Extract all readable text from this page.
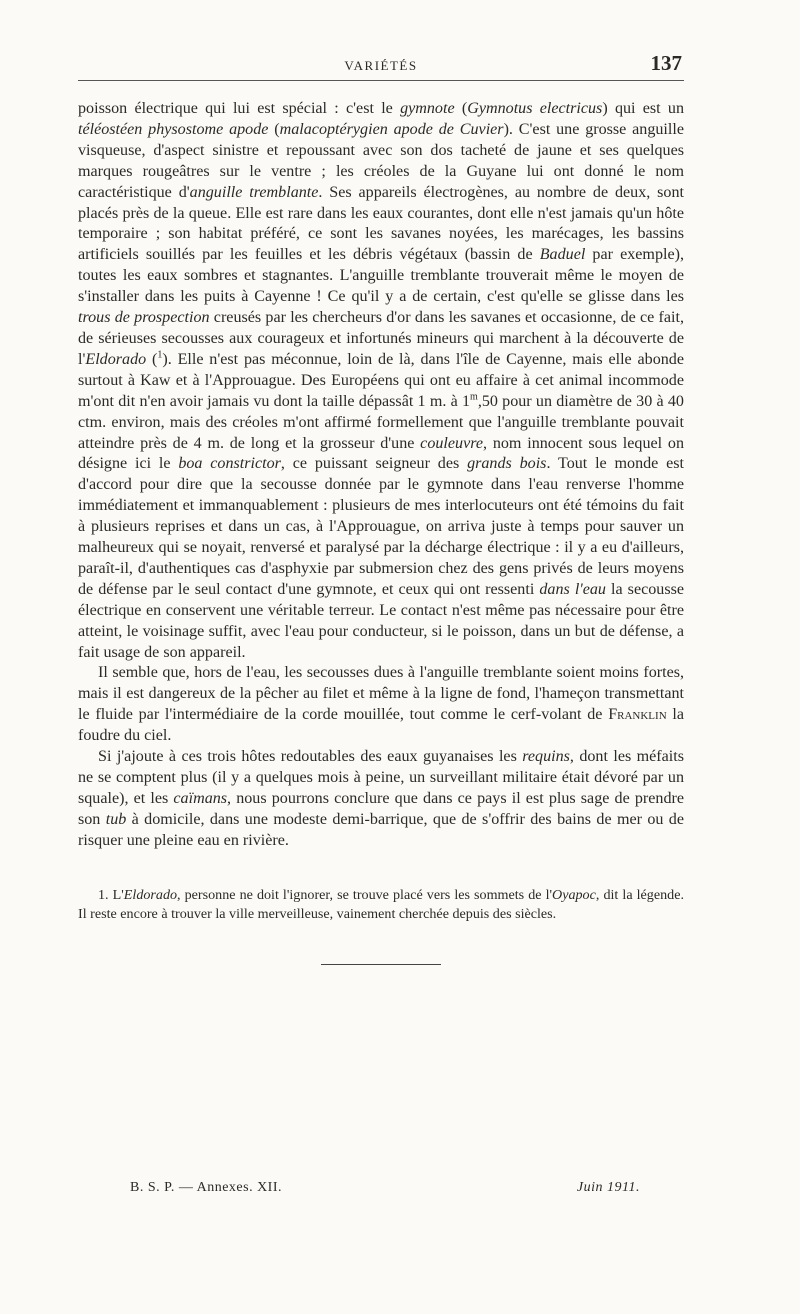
VARIÉTÉS	137

poisson électrique qui lui est spécial : c'est le gymnote (Gymnotus electricus) qui est un téléostéen physostome apode (malacoptérygien apode de Cuvier). C'est une grosse anguille visqueuse, d'aspect sinistre et repoussant avec son dos tacheté de jaune et ses quelques marques rougeâtres sur le ventre ; les créoles de la Guyane lui ont donné le nom caractéristique d'anguille tremblante. Ses appareils électrogènes, au nombre de deux, sont placés près de la queue. Elle est rare dans les eaux courantes, dont elle n'est jamais qu'un hôte temporaire ; son habitat préféré, ce sont les savanes noyées, les marécages, les bassins artificiels souillés par les feuilles et les débris végétaux (bassin de Baduel par exemple), toutes les eaux sombres et stagnantes. L'anguille tremblante trouverait même le moyen de s'installer dans les puits à Cayenne ! Ce qu'il y a de certain, c'est qu'elle se glisse dans les trous de prospection creusés par les chercheurs d'or dans les savanes et occasionne, de ce fait, de sérieuses secousses aux courageux et infortunés mineurs qui marchent à la découverte de l'Eldorado ($^1$). Elle n'est pas méconnue, loin de là, dans l'île de Cayenne, mais elle abonde surtout à Kaw et à l'Approuague. Des Européens qui ont eu affaire à cet animal incommode m'ont dit n'en avoir jamais vu dont la taille dépassât 1 m. à 1$^m$,50 pour un diamètre de 30 à 40 ctm. environ, mais des créoles m'ont affirmé formellement que l'anguille tremblante pouvait atteindre près de 4 m. de long et la grosseur d'une couleuvre, nom innocent sous lequel on désigne ici le boa constrictor, ce puissant seigneur des grands bois. Tout le monde est d'accord pour dire que la secousse donnée par le gymnote dans l'eau renverse l'homme immédiatement et immanquablement : plusieurs de mes interlocuteurs ont été témoins du fait à plusieurs reprises et dans un cas, à l'Approuague, on arriva juste à temps pour sauver un malheureux qui se noyait, renversé et paralysé par la décharge électrique : il y a eu d'ailleurs, paraît-il, d'authentiques cas d'asphyxie par submersion chez des gens privés de leurs moyens de défense par le seul contact d'une gymnote, et ceux qui ont ressenti dans l'eau la secousse électrique en conservent une véritable terreur. Le contact n'est même pas nécessaire pour être atteint, le voisinage suffit, avec l'eau pour conducteur, si le poisson, dans un but de défense, a fait usage de son appareil.

Il semble que, hors de l'eau, les secousses dues à l'anguille tremblante soient moins fortes, mais il est dangereux de la pêcher au filet et même à la ligne de fond, l'hameçon transmettant le fluide par l'intermédiaire de la corde mouillée, tout comme le cerf-volant de Franklin la foudre du ciel.

Si j'ajoute à ces trois hôtes redoutables des eaux guyanaises les requins, dont les méfaits ne se comptent plus (il y a quelques mois à peine, un surveillant militaire était dévoré par un squale), et les caïmans, nous pourrons conclure que dans ce pays il est plus sage de prendre son tub à domicile, dans une modeste demi-barrique, que de s'offrir des bains de mer ou de risquer une pleine eau en rivière.

1. L'Eldorado, personne ne doit l'ignorer, se trouve placé vers les sommets de l'Oyapoc, dit la légende. Il reste encore à trouver la ville merveilleuse, vainement cherchée depuis des siècles.
B. S. P. — Annexes. XII.	Juin 1911.
